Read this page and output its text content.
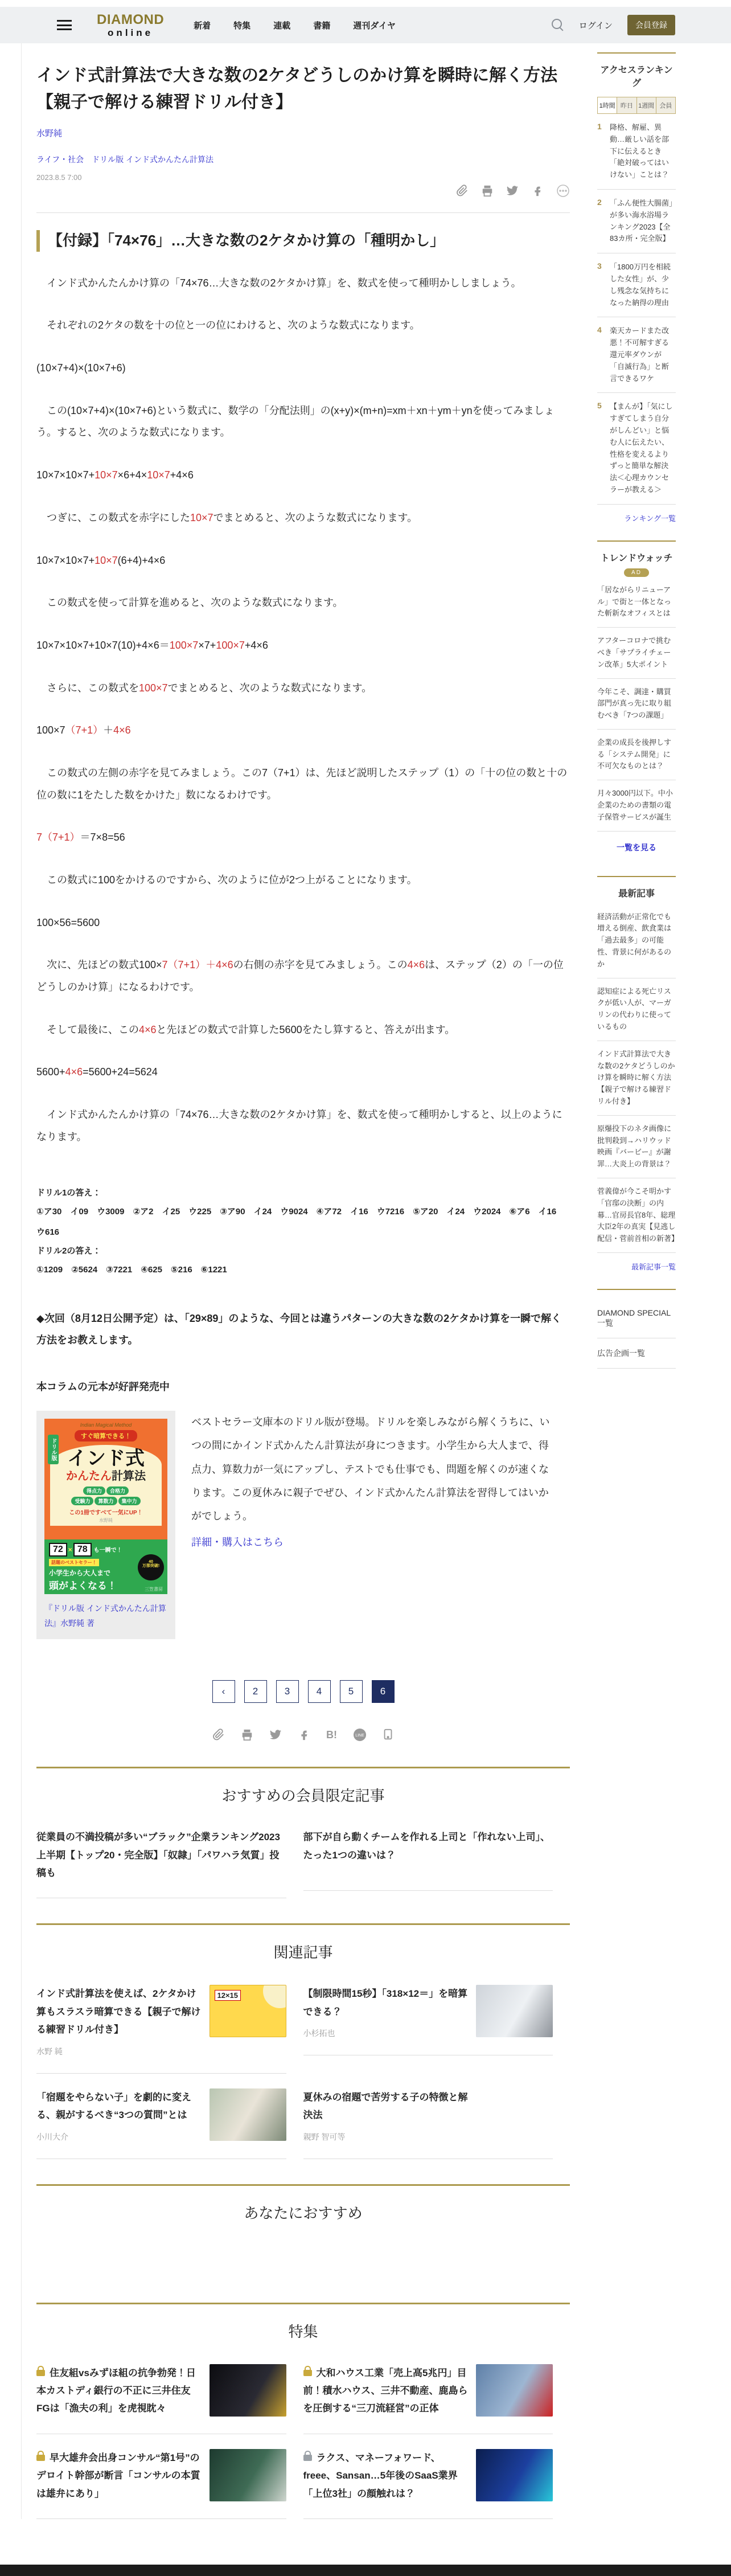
DIAMOND
online
新着	特集	連載	書籍	週刊ダイヤ	ログイン	会員登録
インド式計算法で大きな数の2ケタどうしのかけ算を瞬時に解く方法【親子で解ける練習ドリル付き】
水野純
ライフ・社会 ドリル版 インド式かんたん計算法
2023.8.5 7:00
【付録】「74×76」…大きな数の2ケタかけ算の「種明かし」

　インド式かんたんかけ算の「74×76…大きな数の2ケタかけ算」を、数式を使って種明かししましょう。

　それぞれの2ケタの数を十の位と一の位にわけると、次のような数式になります。

(10×7+4)×(10×7+6)

　この(10×7+4)×(10×7+6)という数式に、数学の「分配法則」の(x+y)×(m+n)=xm＋xn＋ym＋ynを使ってみましょう。すると、次のような数式になります。

10×7×10×7+10×7×6+4×10×7+4×6

　つぎに、この数式を赤字にした10×7でまとめると、次のような数式になります。

10×7×10×7+10×7(6+4)+4×6

　この数式を使って計算を進めると、次のような数式になります。

10×7×10×7+10×7(10)+4×6＝100×7×7+100×7+4×6

　さらに、この数式を100×7でまとめると、次のような数式になります。

100×7（7+1）＋4×6

　この数式の左側の赤字を見てみましょう。この7（7+1）は、先ほど説明したステップ（1）の「十の位の数と十の位の数に1をたした数をかけた」数になるわけです。

7（7+1）＝7×8=56

　この数式に100をかけるのですから、次のように位が2つ上がることになります。

100×56=5600

　次に、先ほどの数式100×7（7+1）＋4×6の右側の赤字を見てみましょう。この4×6は、ステップ（2）の「一の位どうしのかけ算」になるわけです。

　そして最後に、この4×6と先ほどの数式で計算した5600をたし算すると、答えが出ます。

5600+4×6=5600+24=5624

　インド式かんたんかけ算の「74×76…大きな数の2ケタかけ算」を、数式を使って種明かしすると、以上のようになります。

ドリル1の答え：
①ア30　イ09　ウ3009　②ア2　イ25　ウ225　③ア90　イ24　ウ9024　④ア72　イ16　ウ7216　⑤ア20　イ24　ウ2024　⑥ア6　イ16　ウ616
ドリル2の答え：
①1209　②5624　③7221　④625　⑤216　⑥1221

◆次回（8月12日公開予定）は、「29×89」のような、今回とは違うパターンの大きな数の2ケタかけ算を一瞬で解く方法をお教えします。

本コラムの元本が好評発売中

Indian Magical Method
すぐ暗算できる！
ドリル版 インド式
かんたん計算法
得点力 合格力
受験力 算数力 集中力
この1冊ですべて一気にUP！
水野純
72 × 78 も一瞬で！
話題のベストセラー！
小学生から大人まで
頭がよくなる！
40
万部突破!
三笠書房
『ドリル版 インド式かんたん計算法』水野純 著

ベストセラー文庫本のドリル版が登場。ドリルを楽しみながら解くうちに、いつの間にかインド式かんたん計算法が身につきます。小学生から大人まで、得点力、算数力が一気にアップし、テストでも仕事でも、問題を解くのが速くなります。この夏休みに親子でぜひ、インド式かんたん計算法を習得してはいかがでしょう。

詳細・購入はこちら
‹	2	3	4	5	6
B!	LINE
おすすめの会員限定記事
従業員の不満投稿が多い“ブラック”企業ランキング2023上半期【トップ20・完全版】「奴隷」「パワハラ気質」投稿も
部下が自ら動くチームを作れる上司と「作れない上司」、たった1つの違いは？
関連記事
インド式計算法を使えば、2ケタかけ算もスラスラ暗算できる【親子で解ける練習ドリル付き】
水野 純
12×15	【制限時間15秒】「318×12＝」を暗算できる？
小杉拓也
「宿題をやらない子」を劇的に変える、親がするべき“3つの質問”とは
小川大介
夏休みの宿題で苦労する子の特徴と解決法
親野 智可等
あなたにおすすめ
特集
住友組vsみずほ組の抗争勃発！日本カストディ銀行の不正に三井住友FGは「漁夫の利」を虎視眈々
大和ハウス工業「売上高5兆円」目前！積水ハウス、三井不動産、鹿島らを圧倒する“三刀流経営”の正体
早大雄弁会出身コンサル“第1号”のデロイト幹部が断言「コンサルの本質は雄弁にあり」
ラクス、マネーフォワード、freee、Sansan…5年後のSaaS業界「上位3社」の顔触れは？
アクセスランキング
1時間 昨日 1週間 会員
1	降格、解雇、異動…厳しい話を部下に伝えるとき「絶対破ってはいけない」ことは？
2	「ふん便性大腸菌」が多い海水浴場ランキング2023【全83カ所・完全版】
3	「1800万円を相続した女性」が、少し残念な気持ちになった納得の理由
4	楽天カードまた改悪！不可解すぎる還元率ダウンが「自滅行為」と断言できるワケ
5	【まんが】「気にしすぎてしまう自分がしんどい」と悩む人に伝えたい、性格を変えるよりずっと簡単な解決法＜心理カウンセラーが教える＞
ランキング一覧
トレンドウォッチ
AD
「居ながらリニューアル」で街と一体となった斬新なオフィスとは
アフターコロナで挑むべき「サプライチェーン改革」5大ポイント
今年こそ、調達・購買部門が真っ先に取り組むべき「7つの課題」
企業の成長を後押しする「システム開発」に不可欠なものとは？
月々3000円以下。中小企業のための書類の電子保管サービスが誕生
一覧を見る
最新記事
経済活動が正常化でも増える倒産、飲食業は「過去最多」の可能性、背景に何があるのか
認知症による死亡リスクが低い人が、マーガリンの代わりに使っているもの
インド式計算法で大きな数の2ケタどうしのかけ算を瞬時に解く方法【親子で解ける練習ドリル付き】
原爆投下のネタ画像に批判殺到→ハリウッド映画『バービー』が謝罪…大炎上の背景は？
菅義偉が今こそ明かす「官邸の決断」の内幕…官房長官8年、総理大臣2年の真実【見逃し配信・菅前首相の新著】
最新記事一覧
DIAMOND SPECIAL一覧
広告企画一覧
